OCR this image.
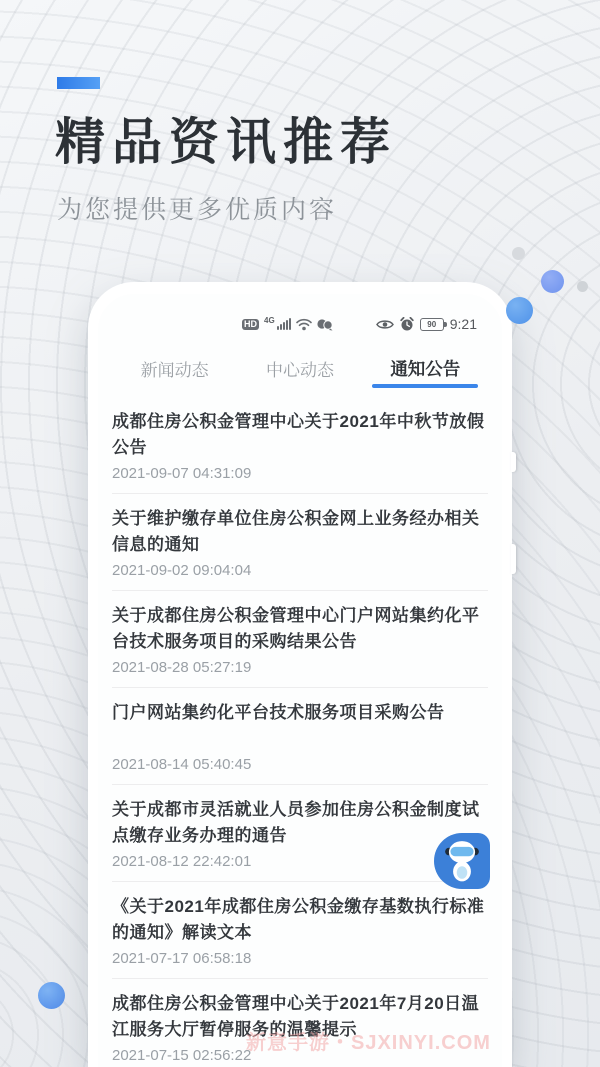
精品资讯推荐
为您提供更多优质内容
HD 4G	90 9:21
新闻动态	中心动态	通知公告
成都住房公积金管理中心关于2021年中秋节放假公告
2021-09-07 04:31:09
关于维护缴存单位住房公积金网上业务经办相关信息的通知
2021-09-02 09:04:04
关于成都住房公积金管理中心门户网站集约化平台技术服务项目的采购结果公告
2021-08-28 05:27:19
门户网站集约化平台技术服务项目采购公告
2021-08-14 05:40:45
关于成都市灵活就业人员参加住房公积金制度试点缴存业务办理的通告
2021-08-12 22:42:01
《关于2021年成都住房公积金缴存基数执行标准的通知》解读文本
2021-07-17 06:58:18
成都住房公积金管理中心关于2021年7月20日温江服务大厅暂停服务的温馨提示
2021-07-15 02:56:22
新意手游・SJXINYI.COM
